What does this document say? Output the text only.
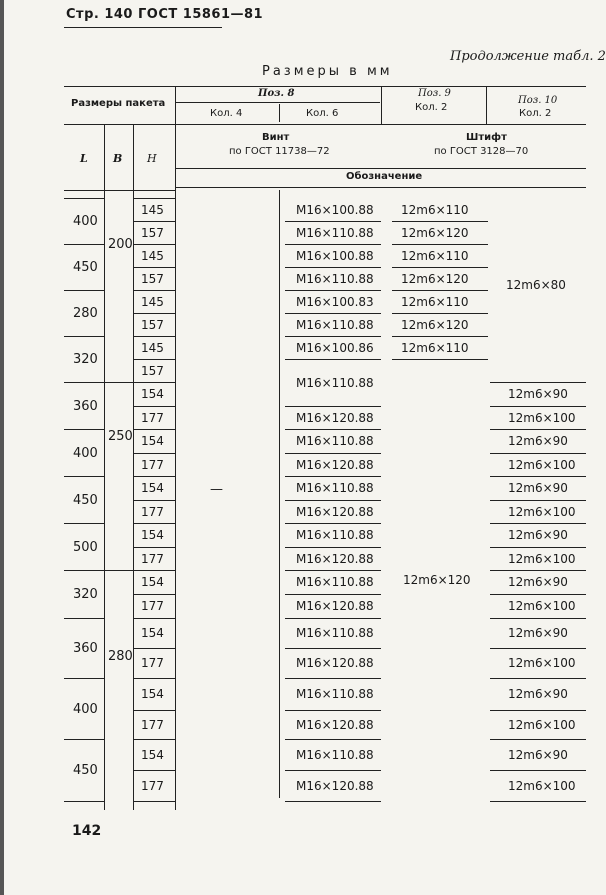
Стр. 140 ГОСТ 15861—81
Продолжение табл. 2
Размеры в мм
Размеры пакета
L B H
Поз. 8
Кол. 4	Кол. 6
Поз. 9
Кол. 2
Поз. 10
Кол. 2
Винт
по ГОСТ 11738—72
Штифт
по ГОСТ 3128—70
Обозначение
400
450
280
320
360
400
450
500
320
360
400
450
200
250
280
145
157
145
157
145
157
145
157
154
177
154
177
154
177
154
177
154
177
154
177
154
177
154
177
—
M16×100.88
M16×110.88
M16×100.88
M16×110.88
M16×100.83
M16×110.88
M16×100.86
M16×110.88
M16×120.88
M16×110.88
M16×120.88
M16×110.88
M16×120.88
M16×110.88
M16×120.88
M16×110.88
M16×120.88
M16×110.88
M16×120.88
M16×110.88
M16×120.88
M16×110.88
M16×120.88
12m6×110
12m6×120
12m6×110
12m6×120
12m6×110
12m6×120
12m6×110
12m6×120
12m6×80
12m6×90
12m6×100
12m6×90
12m6×100
12m6×90
12m6×100
12m6×90
12m6×100
12m6×90
12m6×100
12m6×90
12m6×100
12m6×90
12m6×100
12m6×90
12m6×100
142
